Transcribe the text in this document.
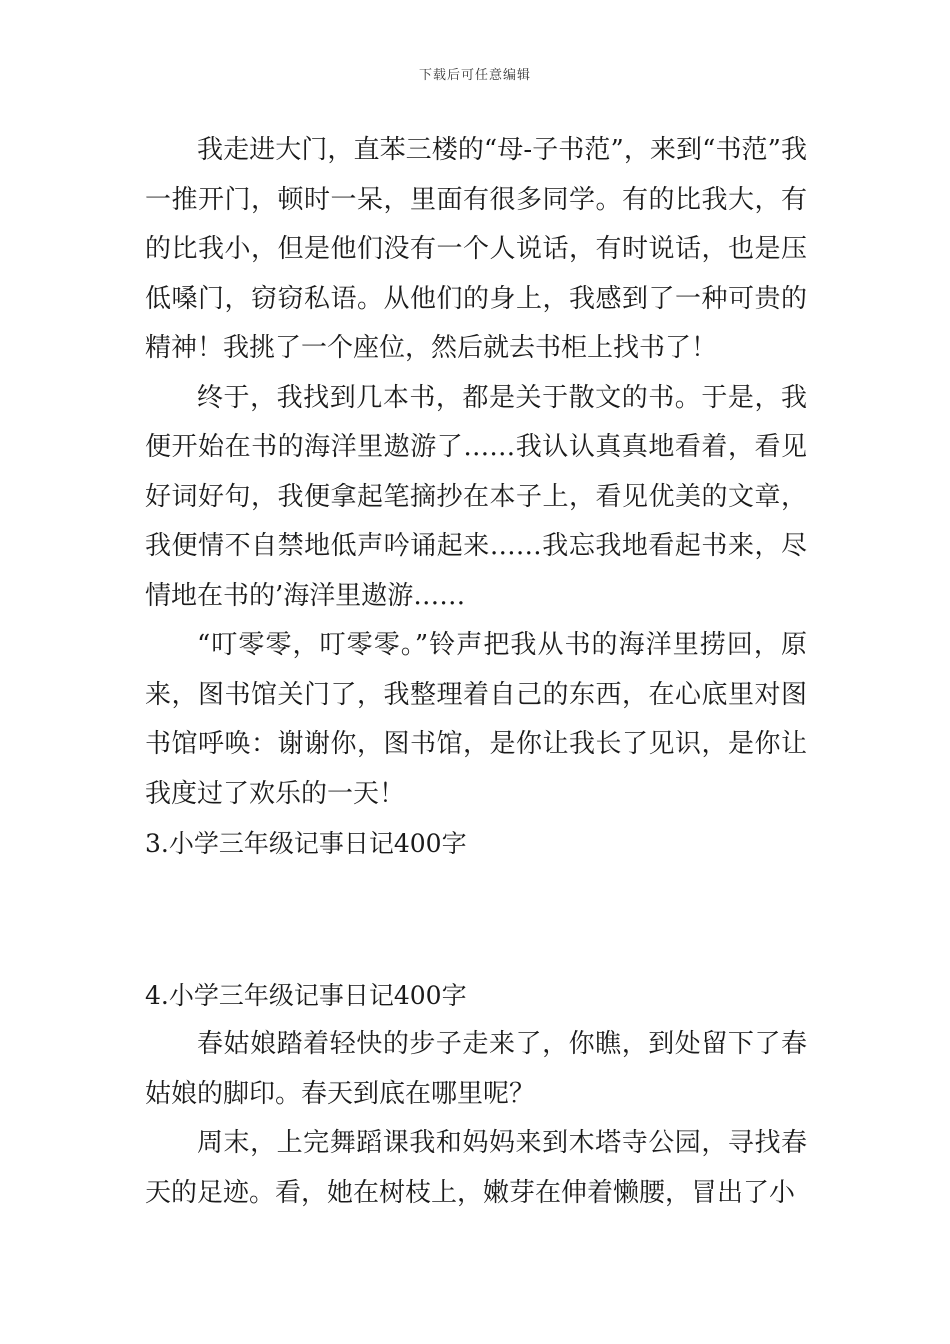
下载后可任意编辑

我走进大门，直苯三楼的“母-子书范”，来到“书范”我一推开门，顿时一呆，里面有很多同学。有的比我大，有的比我小，但是他们没有一个人说话，有时说话，也是压低嗓门，窃窃私语。从他们的身上，我感到了一种可贵的精神！我挑了一个座位，然后就去书柜上找书了！

终于，我找到几本书，都是关于散文的书。于是，我便开始在书的海洋里遨游了……我认认真真地看着，看见好词好句，我便拿起笔摘抄在本子上，看见优美的文章，我便情不自禁地低声吟诵起来……我忘我地看起书来，尽情地在书的’海洋里遨游……

“叮零零，叮零零。”铃声把我从书的海洋里捞回，原来，图书馆关门了，我整理着自己的东西，在心底里对图书馆呼唤：谢谢你，图书馆，是你让我长了见识，是你让我度过了欢乐的一天！

3.小学三年级记事日记400字

4.小学三年级记事日记400字

春姑娘踏着轻快的步子走来了，你瞧，到处留下了春姑娘的脚印。春天到底在哪里呢？

周末，上完舞蹈课我和妈妈来到木塔寺公园，寻找春天的足迹。看，她在树枝上，嫩芽在伸着懒腰，冒出了小
